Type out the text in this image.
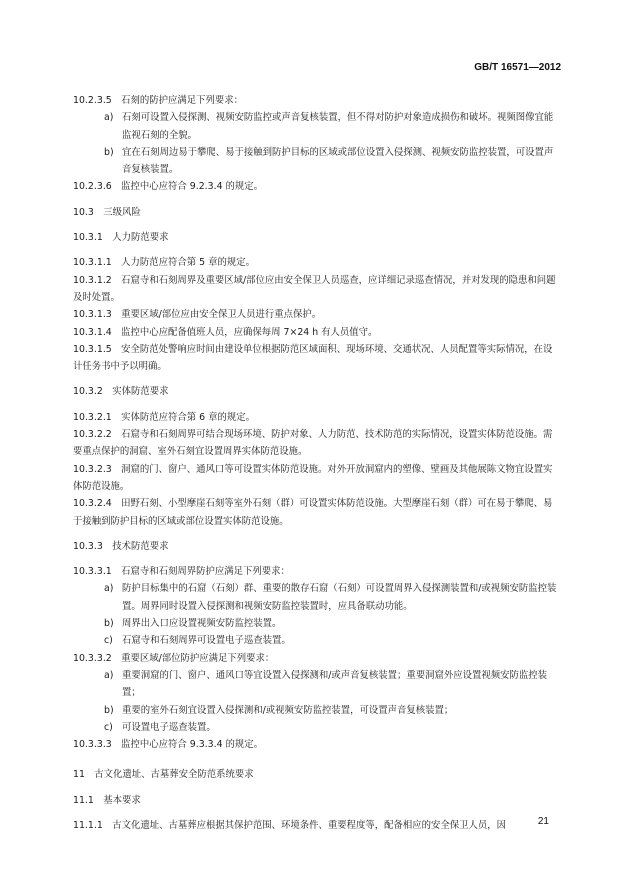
GB/T 16571—2012

10.2.3.5　石刻的防护应满足下列要求：

a) 石刻可设置入侵探测、视频安防监控或声音复核装置，但不得对防护对象造成损伤和破坏。视频图像宜能监视石刻的全貌。

b) 宜在石刻周边易于攀爬、易于接触到防护目标的区域或部位设置入侵探测、视频安防监控装置，可设置声音复核装置。

10.2.3.6　监控中心应符合 9.2.3.4 的规定。

10.3　三级风险

10.3.1　人力防范要求

10.3.1.1　人力防范应符合第 5 章的规定。

10.3.1.2　石窟寺和石刻周界及重要区域/部位应由安全保卫人员巡查，应详细记录巡查情况，并对发现的隐患和问题及时处置。

10.3.1.3　重要区域/部位应由安全保卫人员进行重点保护。

10.3.1.4　监控中心应配备值班人员，应确保每周 7×24 h 有人员值守。

10.3.1.5　安全防范处警响应时间由建设单位根据防范区域面积、现场环境、交通状况、人员配置等实际情况，在设计任务书中予以明确。

10.3.2　实体防范要求

10.3.2.1　实体防范应符合第 6 章的规定。

10.3.2.2　石窟寺和石刻周界可结合现场环境、防护对象、人力防范、技术防范的实际情况，设置实体防范设施。需要重点保护的洞窟、室外石刻宜设置周界实体防范设施。

10.3.2.3　洞窟的门、窗户、通风口等可设置实体防范设施。对外开放洞窟内的塑像、壁画及其他展陈文物宜设置实体防范设施。

10.3.2.4　田野石刻、小型摩崖石刻等室外石刻（群）可设置实体防范设施。大型摩崖石刻（群）可在易于攀爬、易于接触到防护目标的区域或部位设置实体防范设施。

10.3.3　技术防范要求

10.3.3.1　石窟寺和石刻周界防护应满足下列要求：

a) 防护目标集中的石窟（石刻）群、重要的散存石窟（石刻）可设置周界入侵探测装置和/或视频安防监控装置。周界同时设置入侵探测和视频安防监控装置时，应具备联动功能。

b) 周界出入口应设置视频安防监控装置。

c) 石窟寺和石刻周界可设置电子巡查装置。

10.3.3.2　重要区域/部位防护应满足下列要求：

a) 重要洞窟的门、窗户、通风口等宜设置入侵探测和/或声音复核装置；重要洞窟外应设置视频安防监控装置；

b) 重要的室外石刻宜设置入侵探测和/或视频安防监控装置，可设置声音复核装置；

c) 可设置电子巡查装置。

10.3.3.3　监控中心应符合 9.3.3.4 的规定。

11　古文化遗址、古墓葬安全防范系统要求

11.1　基本要求

11.1.1　古文化遗址、古墓葬应根据其保护范围、环境条件、重要程度等，配备相应的安全保卫人员，因	21
